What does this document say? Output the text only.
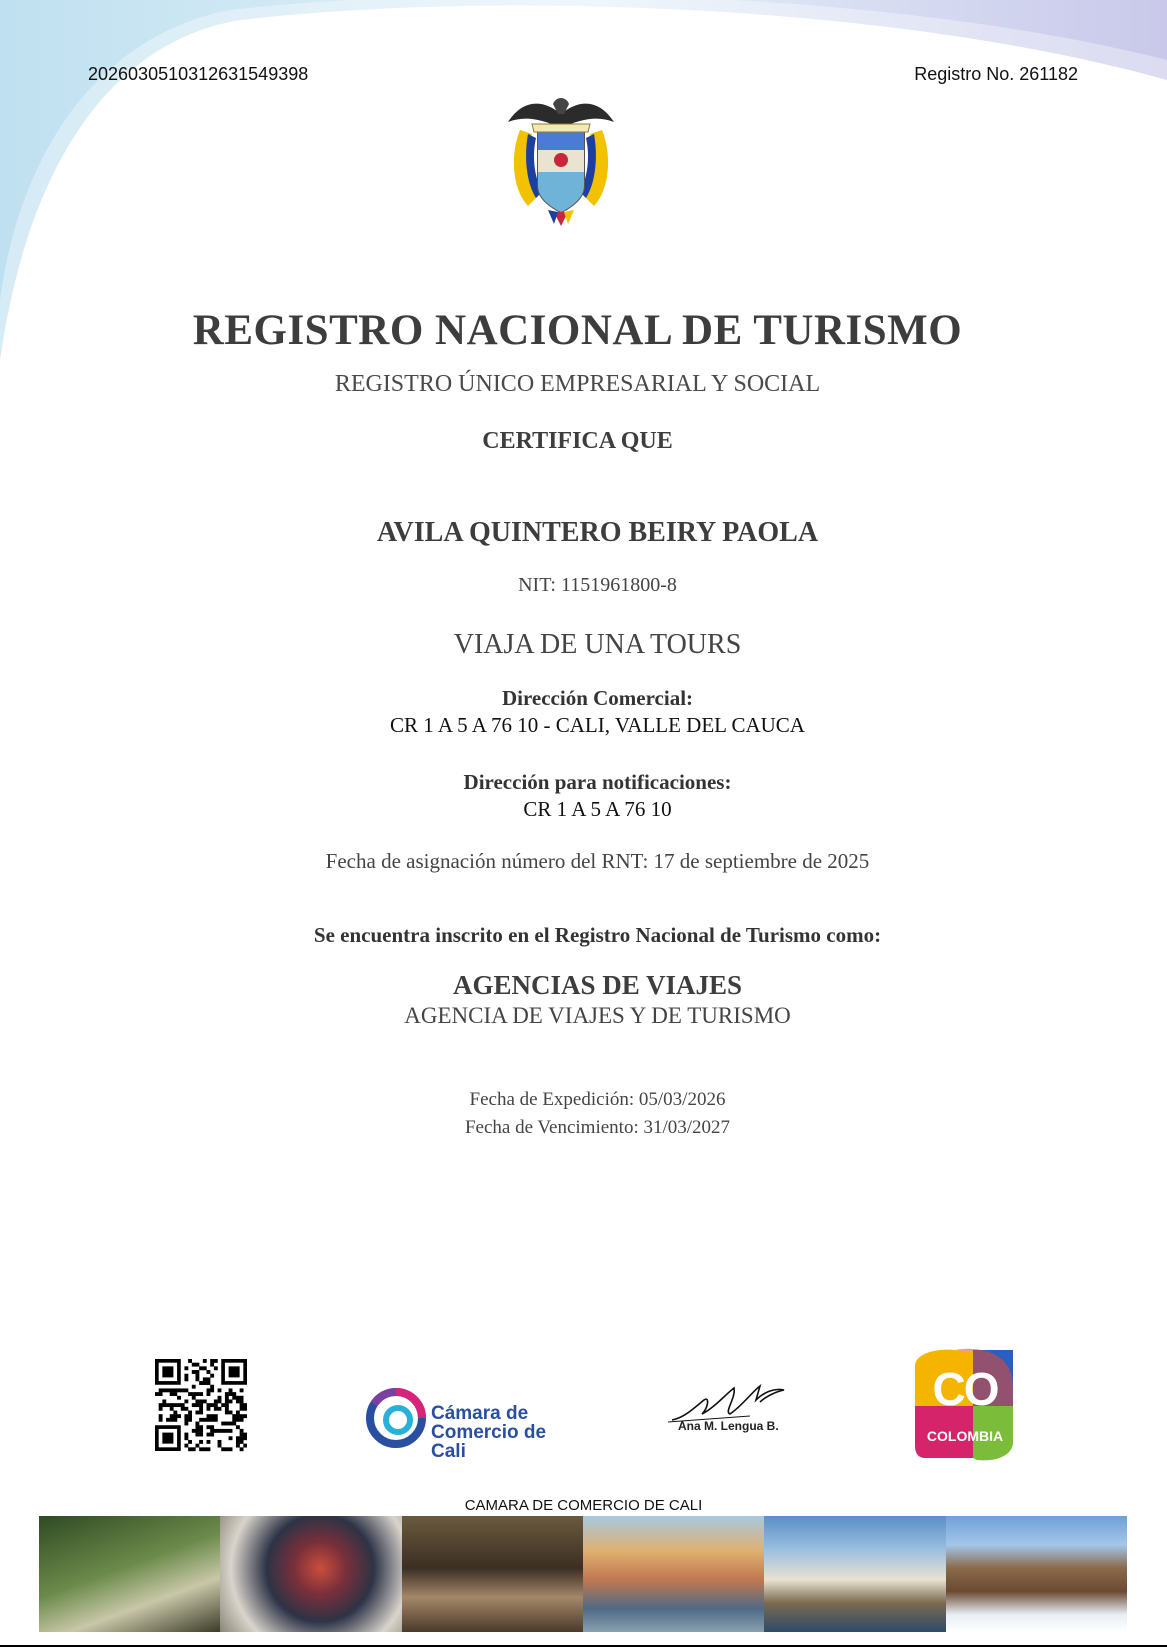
20260305103126315493​98	Registro No. 261182
REGISTRO NACIONAL DE TURISMO
REGISTRO ÚNICO EMPRESARIAL Y SOCIAL
CERTIFICA QUE
AVILA QUINTERO BEIRY PAOLA
NIT: 1151961800-8
VIAJA DE UNA TOURS
Dirección Comercial:
CR 1 A 5 A 76 10 - CALI, VALLE DEL CAUCA
Dirección para notificaciones:
CR 1 A 5 A 76 10
Fecha de asignación número del RNT: 17 de septiembre de 2025
Se encuentra inscrito en el Registro Nacional de Turismo como:
AGENCIAS DE VIAJES
AGENCIA DE VIAJES Y DE TURISMO
Fecha de Expedición: 05/03/2026
Fecha de Vencimiento: 31/03/2027
Cámara de
Comercio de
Cali
Ana M. Lengua B.
CO
COLOMBIA
CAMARA DE COMERCIO DE CALI
